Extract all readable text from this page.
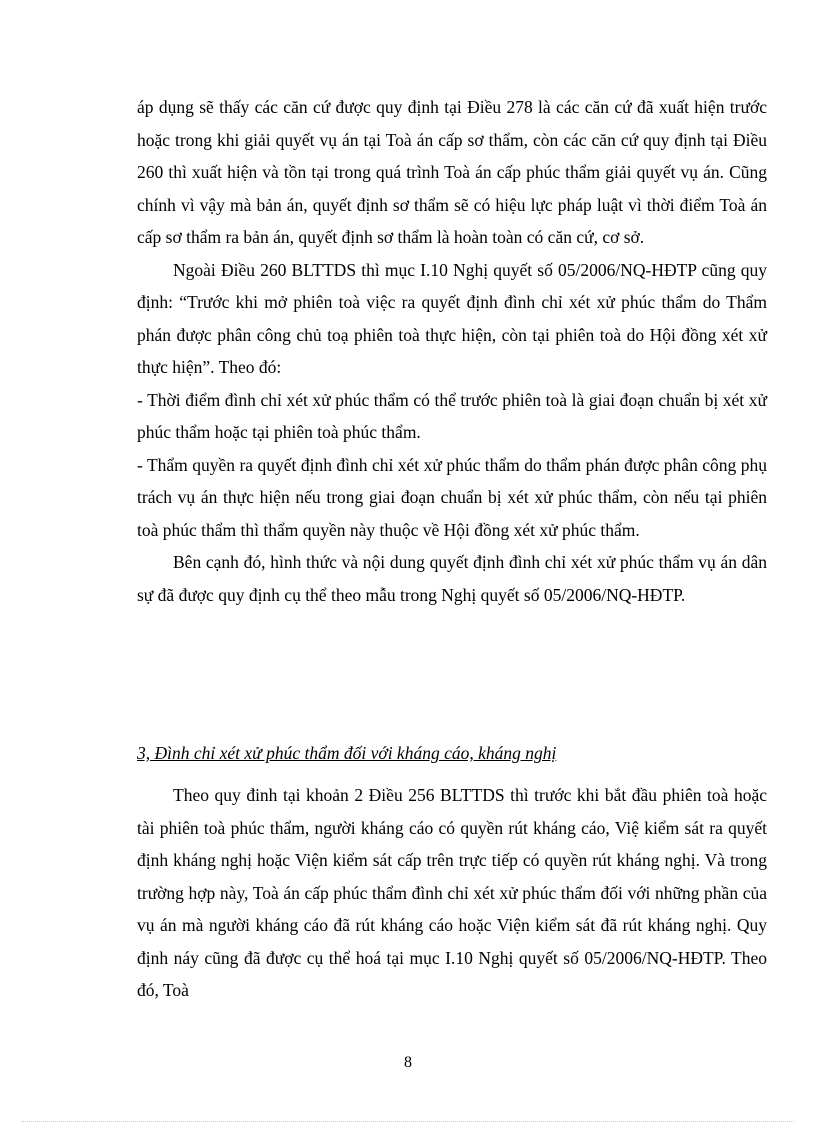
áp dụng sẽ thấy các căn cứ được quy định tại Điều 278 là các căn cứ đã xuất hiện trước hoặc trong khi giải quyết vụ án tại Toà án cấp sơ thẩm, còn các căn cứ quy định tại Điều 260 thì xuất hiện và tồn tại trong quá trình Toà án cấp phúc thẩm giải quyết vụ án. Cũng chính vì vậy mà bản án, quyết định sơ thẩm sẽ có hiệu lực pháp luật vì thời điểm Toà án cấp sơ thẩm ra bản án, quyết định sơ thẩm là hoàn toàn có căn cứ, cơ sở.

Ngoài Điều 260 BLTTDS thì mục I.10 Nghị quyết số 05/2006/NQ-HĐTP cũng quy định: “Trước khi mở phiên toà việc ra quyết định đình chỉ xét xử phúc thẩm do Thẩm phán được phân công chủ toạ phiên toà thực hiện, còn tại phiên toà do Hội đồng xét xử thực hiện”. Theo đó:

- Thời điểm đình chỉ xét xử phúc thẩm có thể trước phiên toà là giai đoạn chuẩn bị xét xử phúc thẩm hoặc tại phiên toà phúc thẩm.

- Thẩm quyền ra quyết định đình chỉ xét xử phúc thẩm do thẩm phán được phân công phụ trách vụ án thực hiện nếu trong giai đoạn chuẩn bị xét xử phúc thẩm, còn nếu tại phiên toà phúc thẩm thì thẩm quyền này thuộc về Hội đồng xét xử phúc thẩm.

Bên cạnh đó, hình thức và nội dung quyết định đình chỉ xét xử phúc thẩm vụ án dân sự đã được quy định cụ thể theo mẫu trong Nghị quyết số 05/2006/NQ-HĐTP.

3, Đình chỉ xét xử phúc thẩm đối với kháng cáo, kháng nghị

Theo quy đinh tại khoản 2 Điều 256 BLTTDS thì trước khi bắt đầu phiên toà hoặc tài phiên toà phúc thẩm, người kháng cáo có quyền rút kháng cáo, Việ kiểm sát ra quyết định kháng nghị hoặc Viện kiểm sát cấp trên trực tiếp có quyền rút kháng nghị. Và trong trường hợp này, Toà án cấp phúc thẩm đình chỉ xét xử phúc thẩm đối với những phần của vụ án mà người kháng cáo đã rút kháng cáo hoặc Viện kiểm sát đã rút kháng nghị. Quy định náy cũng đã được cụ thể hoá tại mục I.10 Nghị quyết số 05/2006/NQ-HĐTP. Theo đó, Toà

8
